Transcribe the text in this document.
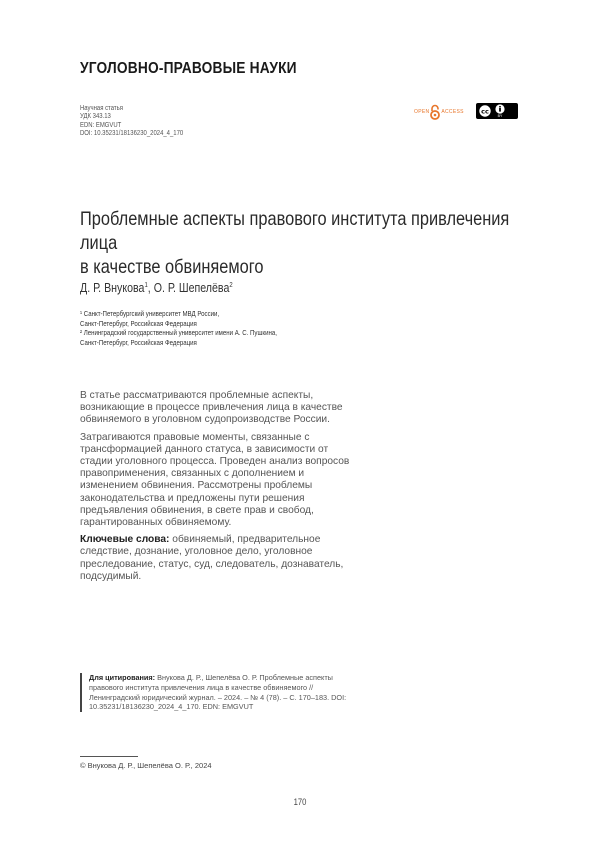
УГОЛОВНО-ПРАВОВЫЕ НАУКИ
Научная статья
УДК 343.13
EDN: EMGVUT
DOI: 10.35231/18136230_2024_4_170
OPEN ACCESS	cc
BY
Проблемные аспекты правового института привлечения лица
в качестве обвиняемого
Д. Р. Внукова$^1$, О. Р. Шепелёва$^2$
¹ Санкт-Петербургский университет МВД России,
Санкт-Петербург, Российская Федерация
² Ленинградский государственный университет имени А. С. Пушкина,
Санкт-Петербург, Российская Федерация

В статье рассматриваются проблемные аспекты, возникающие в процессе привлечения лица в качестве обвиняемого в уголовном судопроизводстве России.

Затрагиваются правовые моменты, связанные с трансформацией данного статуса, в зависимости от стадии уголовного процесса. Проведен анализ вопросов правоприменения, связанных с дополнением и изменением обвинения. Рассмотрены проблемы законодательства и предложены пути решения предъявления обвинения, в свете прав и свобод, гарантированных обвиняемому.

Ключевые слова: обвиняемый, предварительное следствие, дознание, уголовное дело, уголовное преследование, статус, суд, следователь, дознаватель, подсудимый.

Для цитирования: Внукова Д. Р., Шепелёва О. Р. Проблемные аспекты правового института привлечения лица в качестве обвиняемого // Ленинградский юридический журнал. – 2024. – № 4 (78). – С. 170–183. DOI: 10.35231/18136230_2024_4_170. EDN: EMGVUT
© Внукова Д. Р., Шепелёва О. Р., 2024
170
